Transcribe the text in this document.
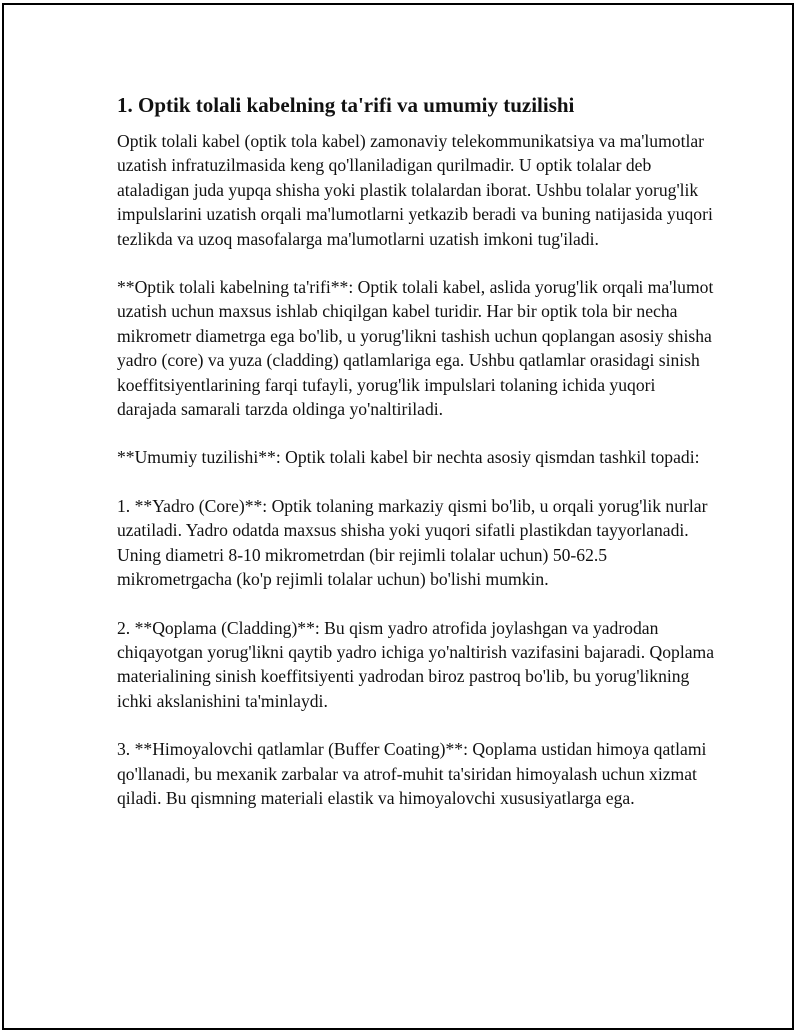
1. Optik tolali kabelning ta'rifi va umumiy tuzilishi

Optik tolali kabel (optik tola kabel) zamonaviy telekommunikatsiya va ma'lumotlar uzatish infratuzilmasida keng qo'llaniladigan qurilmadir. U optik tolalar deb ataladigan juda yupqa shisha yoki plastik tolalardan iborat. Ushbu tolalar yorug'lik impulslarini uzatish orqali ma'lumotlarni yetkazib beradi va buning natijasida yuqori tezlikda va uzoq masofalarga ma'lumotlarni uzatish imkoni tug'iladi.

**Optik tolali kabelning ta'rifi**: Optik tolali kabel, aslida yorug'lik orqali ma'lumot uzatish uchun maxsus ishlab chiqilgan kabel turidir. Har bir optik tola bir necha mikrometr diametrga ega bo'lib, u yorug'likni tashish uchun qoplangan asosiy shisha yadro (core) va yuza (cladding) qatlamlariga ega. Ushbu qatlamlar orasidagi sinish koeffitsiyentlarining farqi tufayli, yorug'lik impulslari tolaning ichida yuqori darajada samarali tarzda oldinga yo'naltiriladi.

**Umumiy tuzilishi**: Optik tolali kabel bir nechta asosiy qismdan tashkil topadi:

1. **Yadro (Core)**: Optik tolaning markaziy qismi bo'lib, u orqali yorug'lik nurlar uzatiladi. Yadro odatda maxsus shisha yoki yuqori sifatli plastikdan tayyorlanadi. Uning diametri 8-10 mikrometrdan (bir rejimli tolalar uchun) 50-62.5 mikrometrgacha (ko'p rejimli tolalar uchun) bo'lishi mumkin.

2. **Qoplama (Cladding)**: Bu qism yadro atrofida joylashgan va yadrodan chiqayotgan yorug'likni qaytib yadro ichiga yo'naltirish vazifasini bajaradi. Qoplama materialining sinish koeffitsiyenti yadrodan biroz pastroq bo'lib, bu yorug'likning ichki akslanishini ta'minlaydi.

3. **Himoyalovchi qatlamlar (Buffer Coating)**: Qoplama ustidan himoya qatlami qo'llanadi, bu mexanik zarbalar va atrof-muhit ta'siridan himoyalash uchun xizmat qiladi. Bu qismning materiali elastik va himoyalovchi xususiyatlarga ega.
